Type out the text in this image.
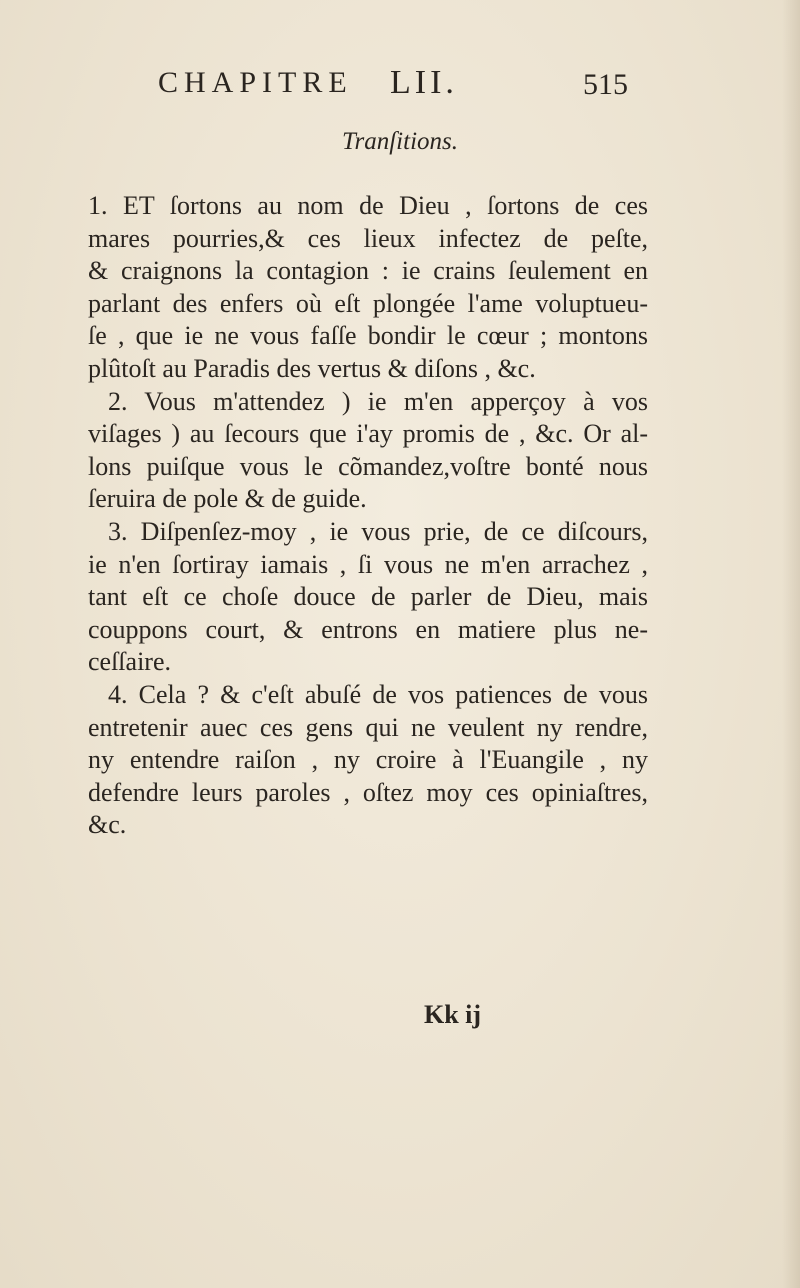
CHAPITRE LII.	515
Tranſitions.
1. ET ſortons au nom de Dieu , ſortons de ces
mares pourries,& ces lieux infectez de peſte,
& craignons la contagion : ie crains ſeulement en
parlant des enfers où eſt plongée l'ame voluptueu-
ſe , que ie ne vous faſſe bondir le cœur ; montons
plûtoſt au Paradis des vertus & diſons , &c.
2. Vous m'attendez ) ie m'en apperçoy à vos
viſages ) au ſecours que i'ay promis de , &c. Or al-
lons puiſque vous le cõmandez,voſtre bonté nous
ſeruira de pole & de guide.
3. Diſpenſez-moy , ie vous prie, de ce diſcours,
ie n'en ſortiray iamais , ſi vous ne m'en arrachez ,
tant eſt ce choſe douce de parler de Dieu, mais
couppons court, & entrons en matiere plus ne-
ceſſaire.
4. Cela ? & c'eſt abuſé de vos patiences de vous
entretenir auec ces gens qui ne veulent ny rendre,
ny entendre raiſon , ny croire à l'Euangile , ny
defendre leurs paroles , oſtez moy ces opiniaſtres,
&c.
Kk ij
